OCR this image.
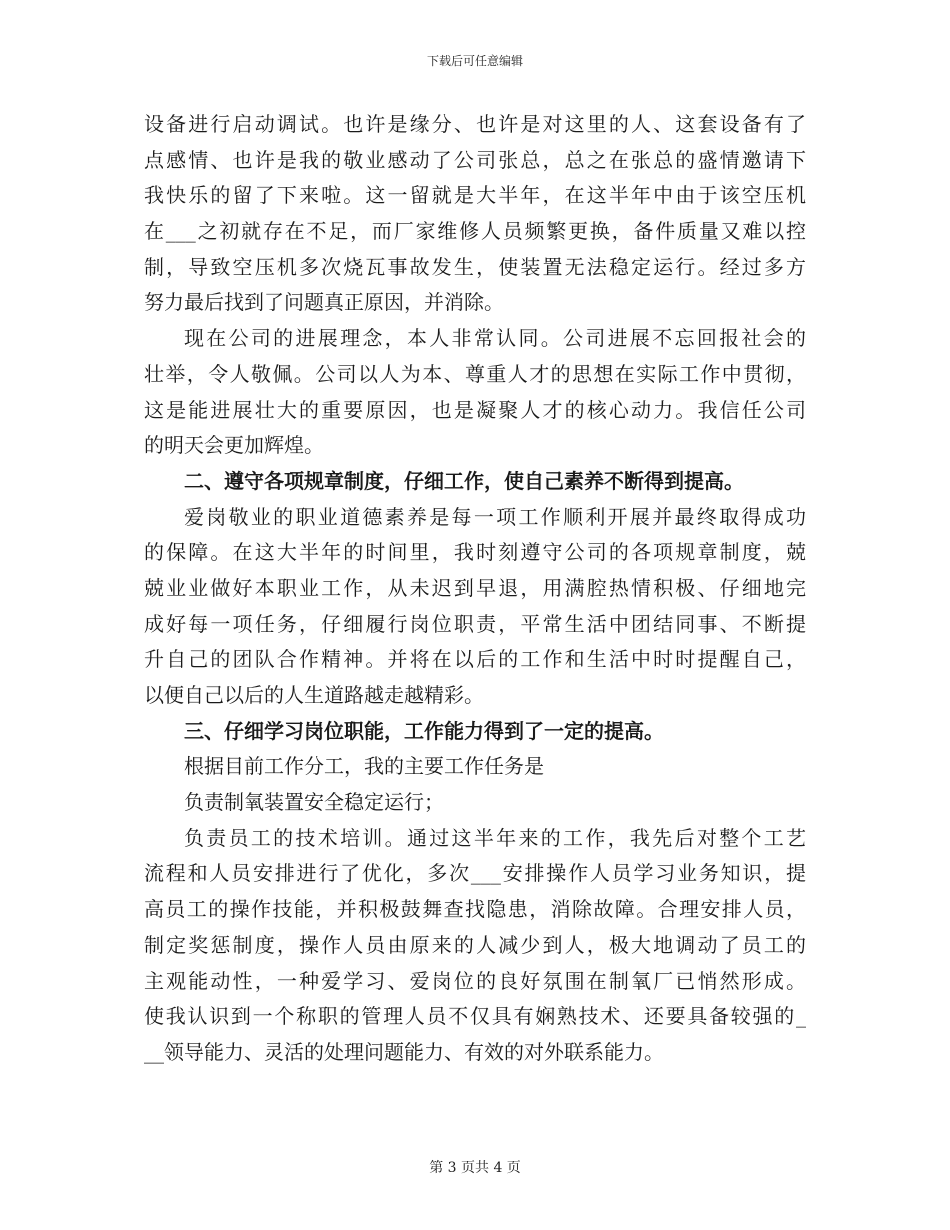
下载后可任意编辑
设备进行启动调试。也许是缘分、也许是对这里的人、这套设备有了
点感情、也许是我的敬业感动了公司张总，总之在张总的盛情邀请下
我快乐的留了下来啦。这一留就是大半年，在这半年中由于该空压机
在___之初就存在不足，而厂家维修人员频繁更换，备件质量又难以控
制，导致空压机多次烧瓦事故发生，使装置无法稳定运行。经过多方
努力最后找到了问题真正原因，并消除。
现在公司的进展理念，本人非常认同。公司进展不忘回报社会的
壮举，令人敬佩。公司以人为本、尊重人才的思想在实际工作中贯彻，
这是能进展壮大的重要原因，也是凝聚人才的核心动力。我信任公司
的明天会更加辉煌。
二、遵守各项规章制度，仔细工作，使自己素养不断得到提高。
爱岗敬业的职业道德素养是每一项工作顺利开展并最终取得成功
的保障。在这大半年的时间里，我时刻遵守公司的各项规章制度，兢
兢业业做好本职业工作，从未迟到早退，用满腔热情积极、仔细地完
成好每一项任务，仔细履行岗位职责，平常生活中团结同事、不断提
升自己的团队合作精神。并将在以后的工作和生活中时时提醒自己，
以便自己以后的人生道路越走越精彩。
三、仔细学习岗位职能，工作能力得到了一定的提高。
根据目前工作分工，我的主要工作任务是
负责制氧装置安全稳定运行；
负责员工的技术培训。通过这半年来的工作，我先后对整个工艺
流程和人员安排进行了优化，多次___安排操作人员学习业务知识，提
高员工的操作技能，并积极鼓舞查找隐患，消除故障。合理安排人员，
制定奖惩制度，操作人员由原来的人减少到人，极大地调动了员工的
主观能动性，一种爱学习、爱岗位的良好氛围在制氧厂已悄然形成。
使我认识到一个称职的管理人员不仅具有娴熟技术、还要具备较强的_
__领导能力、灵活的处理问题能力、有效的对外联系能力。
第 3 页共 4 页
